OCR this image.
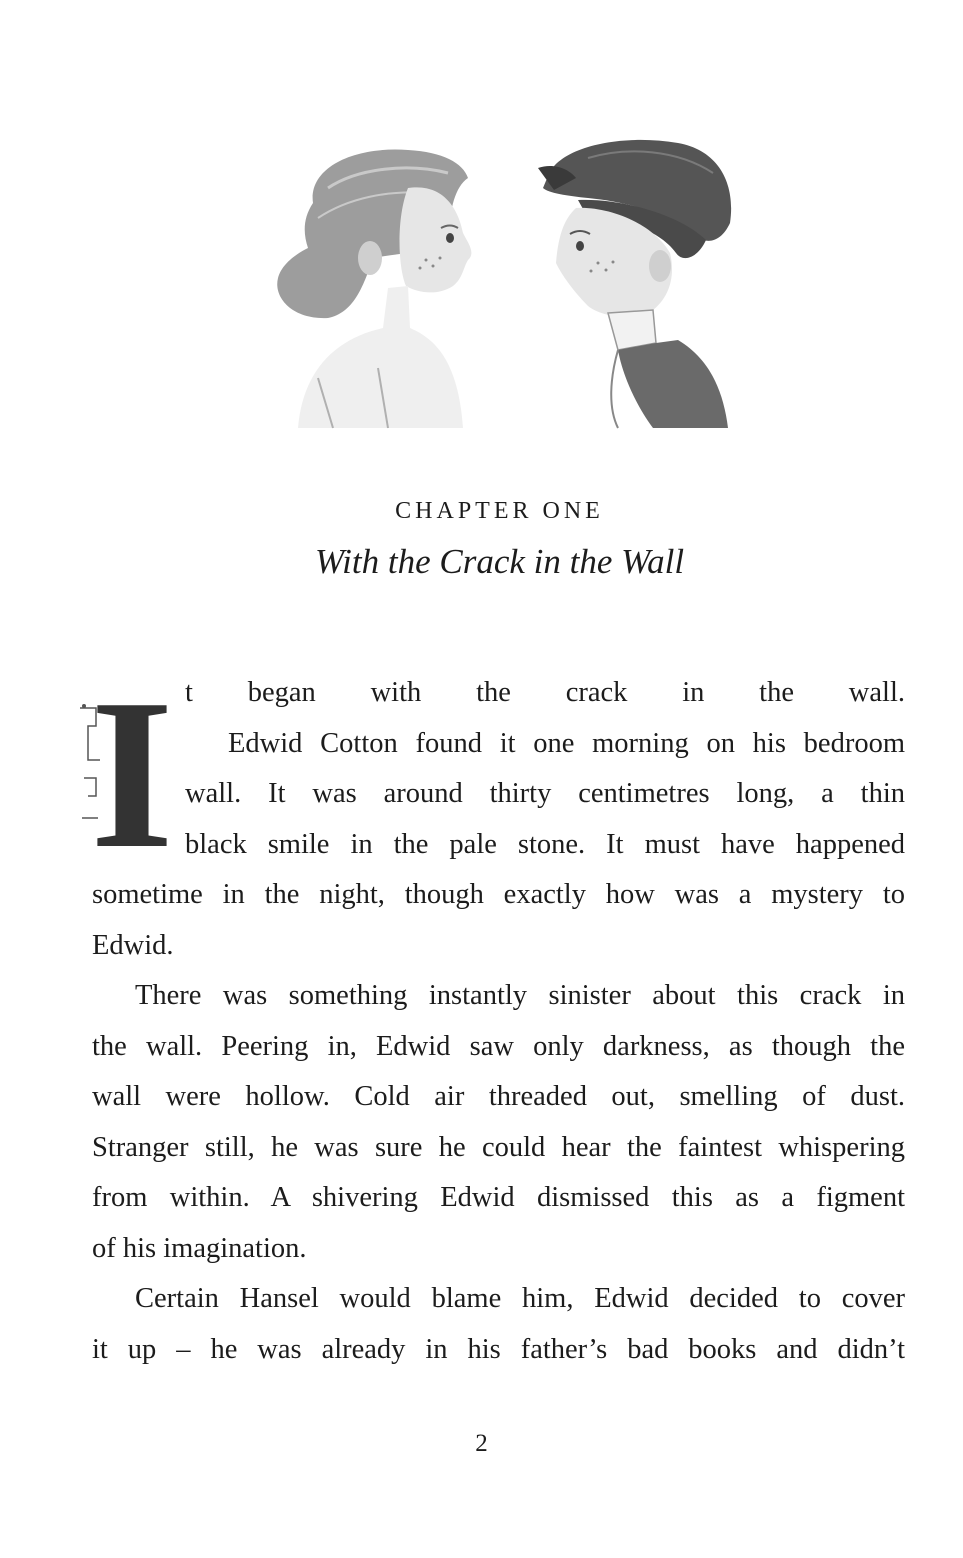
CHAPTER ONE
With the Crack in the Wall
I t began with the crack in the wall.
Edwid Cotton found it one morning on his bedroom
wall. It was around thirty centimetres long, a thin
black smile in the pale stone. It must have happened
sometime in the night, though exactly how was a mystery to
Edwid.
There was something instantly sinister about this crack in
the wall. Peering in, Edwid saw only darkness, as though the
wall were hollow. Cold air threaded out, smelling of dust.
Stranger still, he was sure he could hear the faintest whispering
from within. A shivering Edwid dismissed this as a figment
of his imagination.
Certain Hansel would blame him, Edwid decided to cover
it up – he was already in his father’s bad books and didn’t
2
